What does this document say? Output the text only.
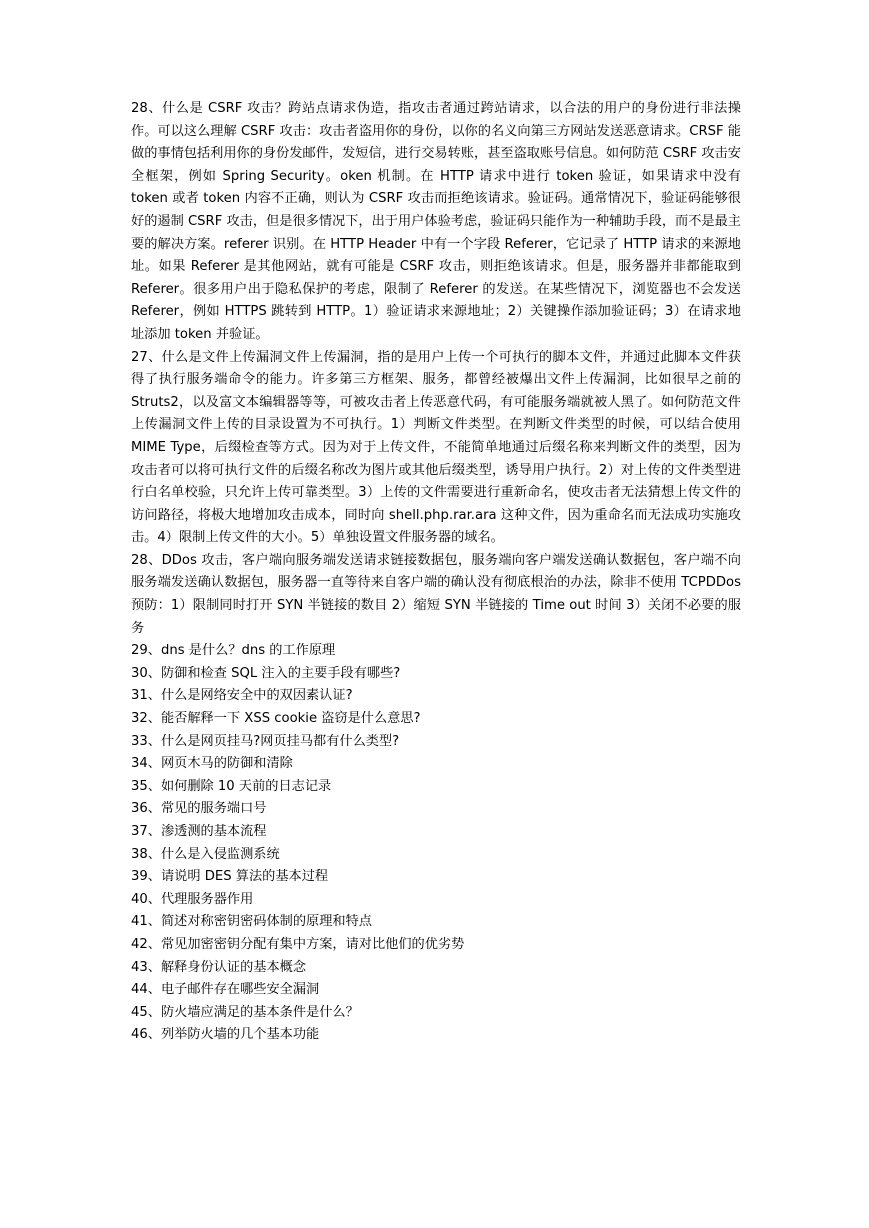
28、什么是 CSRF 攻击？跨站点请求伪造，指攻击者通过跨站请求，以合法的用户的身份进行非法操作。可以这么理解 CSRF 攻击：攻击者盗用你的身份，以你的名义向第三方网站发送恶意请求。CRSF 能做的事情包括利用你的身份发邮件，发短信，进行交易转账，甚至盗取账号信息。如何防范 CSRF 攻击安全框架，例如 Spring Security。oken 机制。在 HTTP 请求中进行 token 验证，如果请求中没有 token 或者 token 内容不正确，则认为 CSRF 攻击而拒绝该请求。验证码。通常情况下，验证码能够很好的遏制 CSRF 攻击，但是很多情况下，出于用户体验考虑，验证码只能作为一种辅助手段，而不是最主要的解决方案。referer 识别。在 HTTP Header 中有一个字段 Referer，它记录了 HTTP 请求的来源地址。如果 Referer 是其他网站，就有可能是 CSRF 攻击，则拒绝该请求。但是，服务器并非都能取到 Referer。很多用户出于隐私保护的考虑，限制了 Referer 的发送。在某些情况下，浏览器也不会发送 Referer，例如 HTTPS 跳转到 HTTP。1）验证请求来源地址；2）关键操作添加验证码；3）在请求地址添加 token 并验证。

27、什么是文件上传漏洞文件上传漏洞，指的是用户上传一个可执行的脚本文件，并通过此脚本文件获得了执行服务端命令的能力。许多第三方框架、服务，都曾经被爆出文件上传漏洞，比如很早之前的 Struts2，以及富文本编辑器等等，可被攻击者上传恶意代码，有可能服务端就被人黑了。如何防范文件上传漏洞文件上传的目录设置为不可执行。1）判断文件类型。在判断文件类型的时候，可以结合使用 MIME Type，后缀检查等方式。因为对于上传文件，不能简单地通过后缀名称来判断文件的类型，因为攻击者可以将可执行文件的后缀名称改为图片或其他后缀类型，诱导用户执行。2）对上传的文件类型进行白名单校验，只允许上传可靠类型。3）上传的文件需要进行重新命名，使攻击者无法猜想上传文件的访问路径，将极大地增加攻击成本，同时向 shell.php.rar.ara 这种文件，因为重命名而无法成功实施攻击。4）限制上传文件的大小。5）单独设置文件服务器的域名。

28、DDos 攻击，客户端向服务端发送请求链接数据包，服务端向客户端发送确认数据包，客户端不向服务端发送确认数据包，服务器一直等待来自客户端的确认没有彻底根治的办法，除非不使用 TCPDDos 预防：1）限制同时打开 SYN 半链接的数目 2）缩短 SYN 半链接的 Time out 时间 3）关闭不必要的服务

29、dns 是什么？dns 的工作原理

30、防御和检查 SQL 注入的主要手段有哪些?

31、什么是网络安全中的双因素认证?

32、能否解释一下 XSS cookie 盗窃是什么意思?

33、什么是网页挂马?网页挂马都有什么类型?

34、网页木马的防御和清除

35、如何删除 10 天前的日志记录

36、常见的服务端口号

37、渗透测的基本流程

38、什么是入侵监测系统

39、请说明 DES 算法的基本过程

40、代理服务器作用

41、简述对称密钥密码体制的原理和特点

42、常见加密密钥分配有集中方案，请对比他们的优劣势

43、解释身份认证的基本概念

44、电子邮件存在哪些安全漏洞

45、防火墙应满足的基本条件是什么？

46、列举防火墙的几个基本功能
